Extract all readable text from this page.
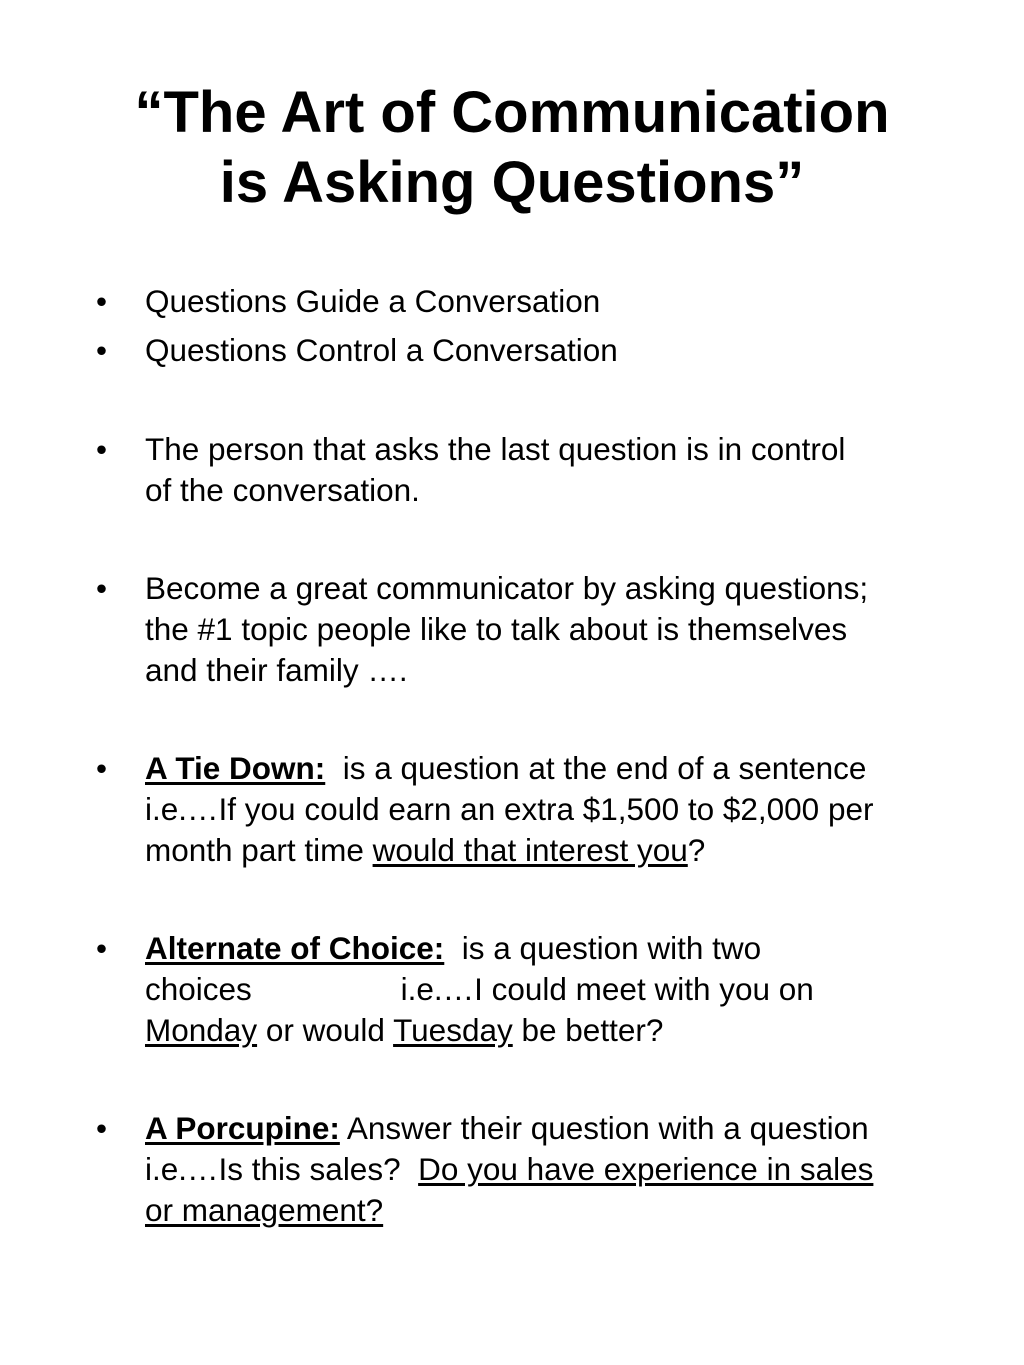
“The Art of Communication
is Asking Questions”
• Questions Guide a Conversation
• Questions Control a Conversation
• The person that asks the last question is in control
of the conversation.
• Become a great communicator by asking questions;
the #1 topic people like to talk about is themselves
and their family ….
• A Tie Down:  is a question at the end of a sentence
i.e.…If you could earn an extra $1,500 to $2,000 per
month part time would that interest you?
• Alternate of Choice:  is a question with two
choices                 i.e.…I could meet with you on
Monday or would Tuesday be better?
• A Porcupine: Answer their question with a question
i.e.…Is this sales?  Do you have experience in sales
or management?
